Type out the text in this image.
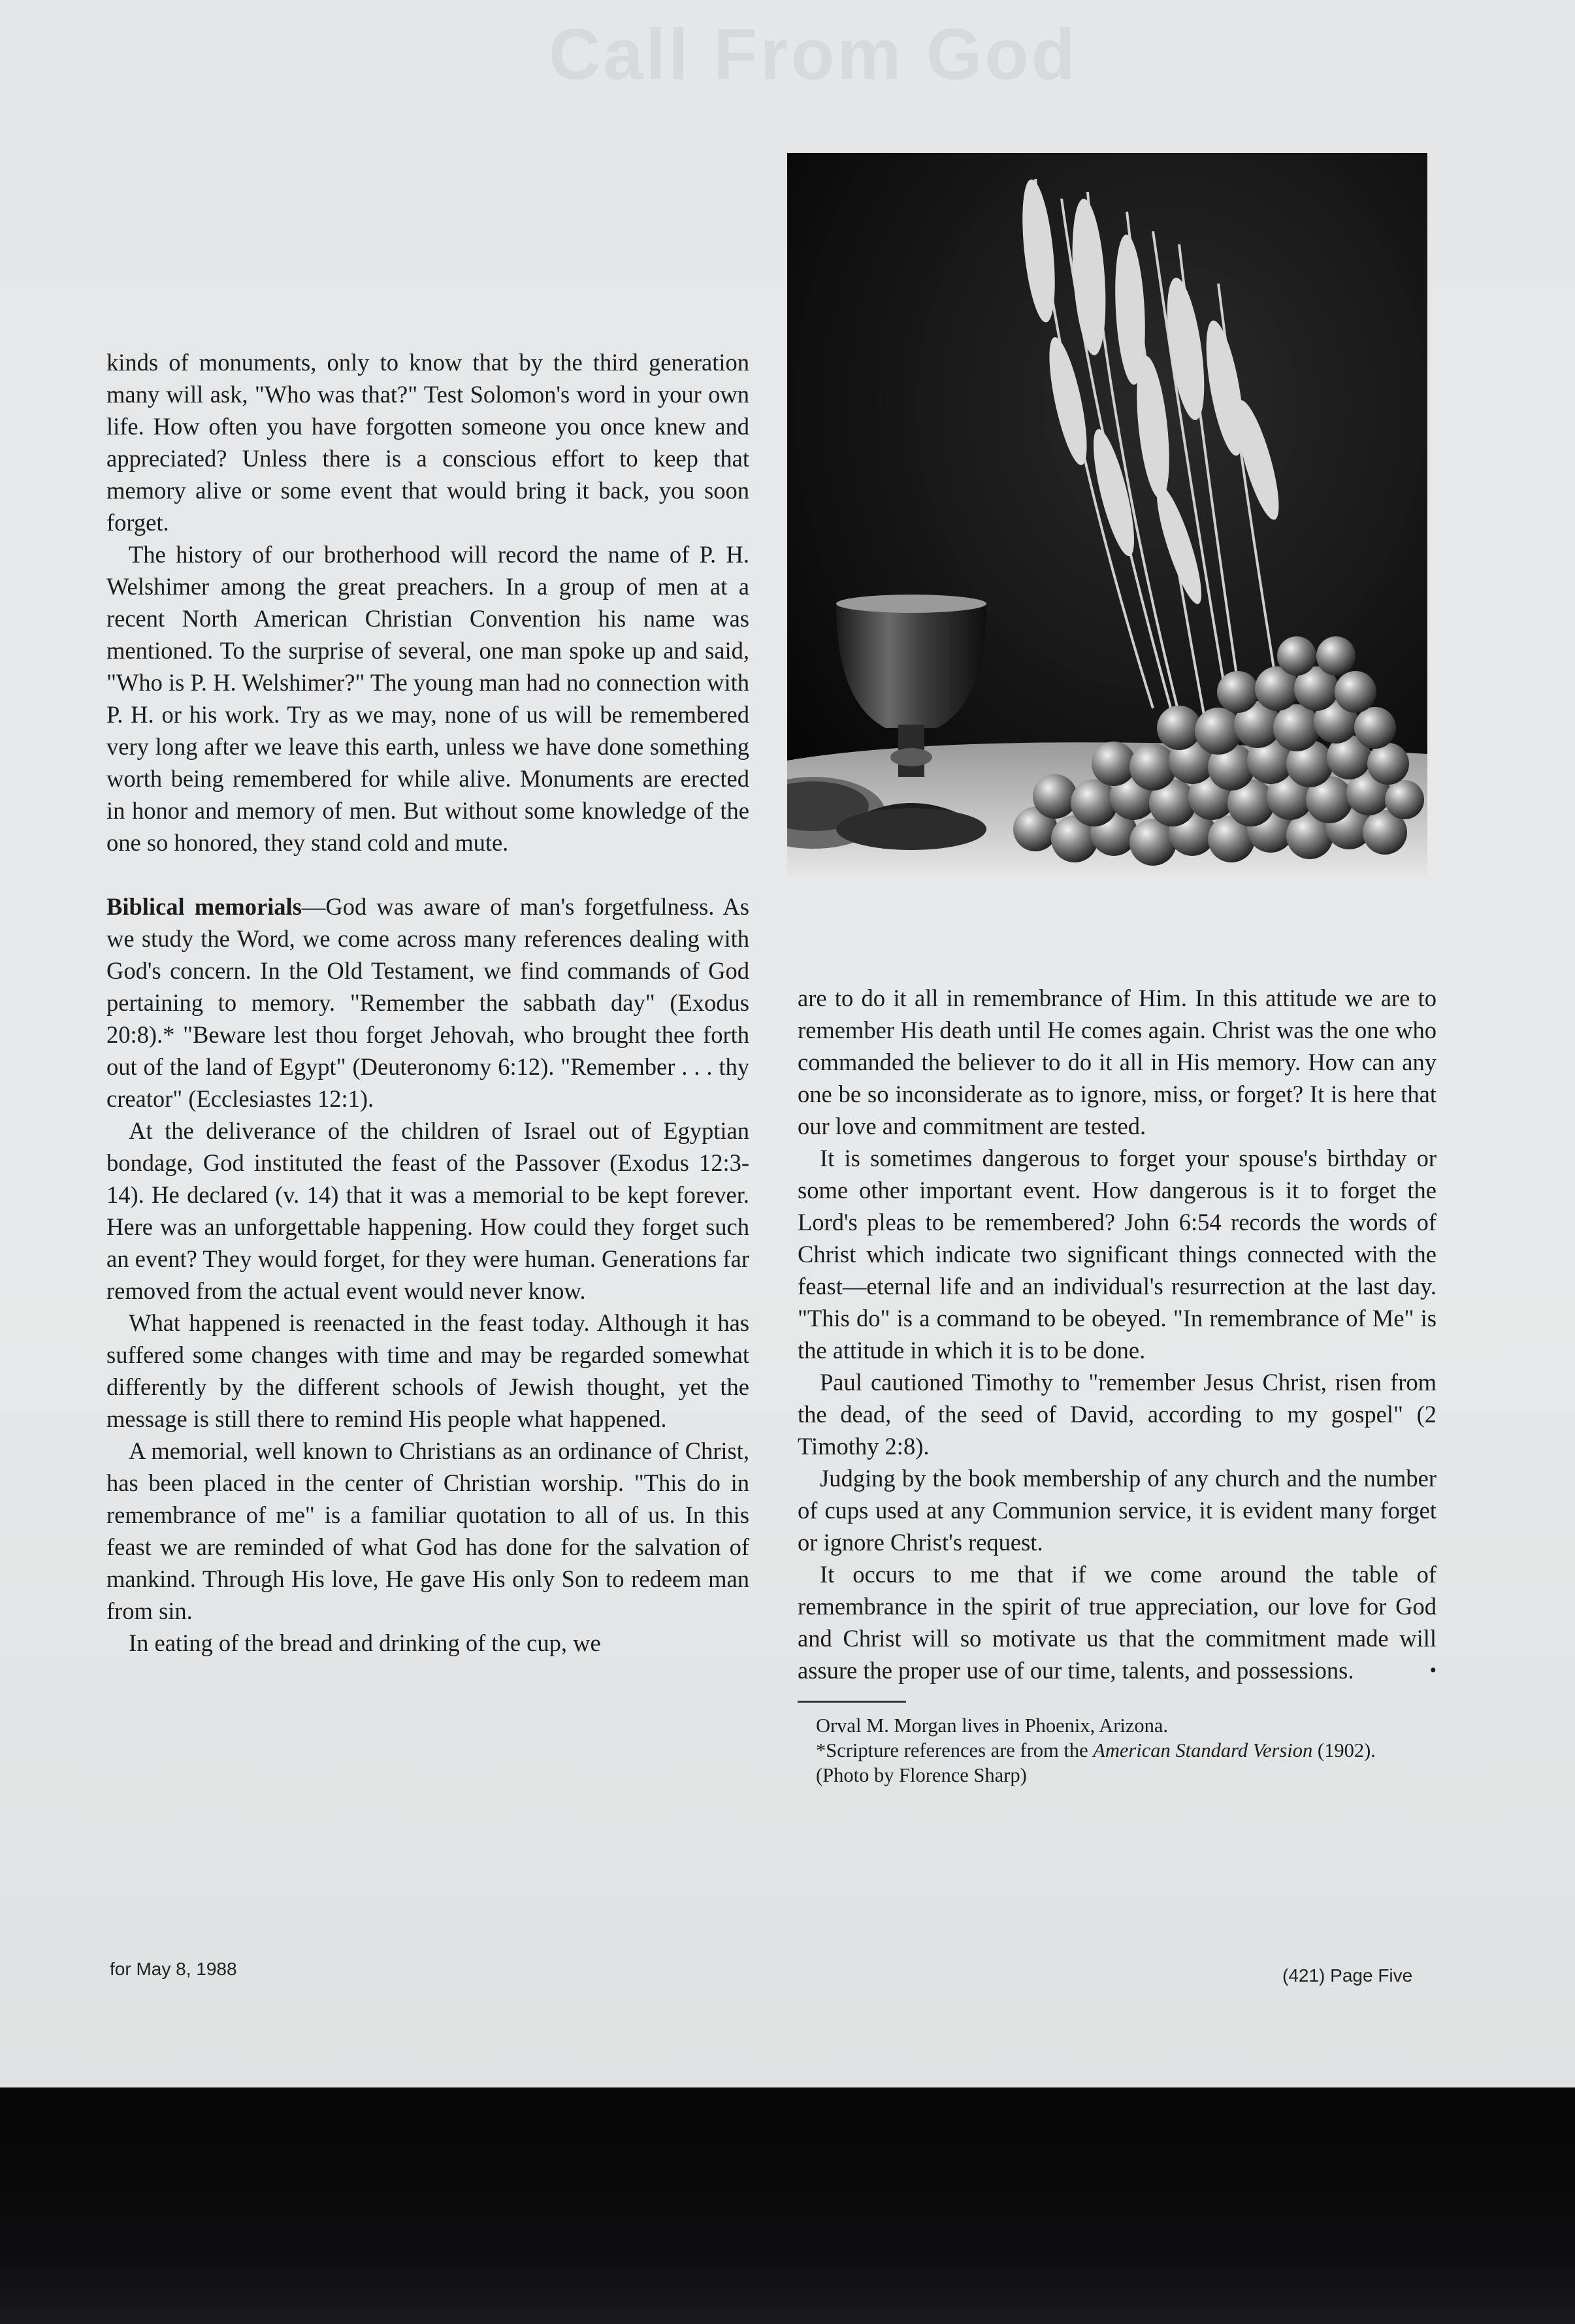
Call From God

kinds of monuments, only to know that by the third generation many will ask, "Who was that?" Test Solomon's word in your own life. How often you have forgotten someone you once knew and appreciated? Unless there is a conscious effort to keep that memory alive or some event that would bring it back, you soon forget.

The history of our brotherhood will record the name of P. H. Welshimer among the great preachers. In a group of men at a recent North American Christian Convention his name was mentioned. To the surprise of several, one man spoke up and said, "Who is P. H. Welshimer?" The young man had no connection with P. H. or his work. Try as we may, none of us will be remembered very long after we leave this earth, unless we have done something worth being remembered for while alive. Monuments are erected in honor and memory of men. But without some knowledge of the one so honored, they stand cold and mute.

Biblical memorials—God was aware of man's forgetfulness. As we study the Word, we come across many references dealing with God's concern. In the Old Testament, we find commands of God pertaining to memory. "Remember the sabbath day" (Exodus 20:8).* "Beware lest thou forget Jehovah, who brought thee forth out of the land of Egypt" (Deuteronomy 6:12). "Remember . . . thy creator" (Ecclesiastes 12:1).

At the deliverance of the children of Israel out of Egyptian bondage, God instituted the feast of the Passover (Exodus 12:3-14). He declared (v. 14) that it was a memorial to be kept forever. Here was an unforgettable happening. How could they forget such an event? They would forget, for they were human. Generations far removed from the actual event would never know.

What happened is reenacted in the feast today. Although it has suffered some changes with time and may be regarded somewhat differently by the different schools of Jewish thought, yet the message is still there to remind His people what happened.

A memorial, well known to Christians as an ordinance of Christ, has been placed in the center of Christian worship. "This do in remembrance of me" is a familiar quotation to all of us. In this feast we are reminded of what God has done for the salvation of mankind. Through His love, He gave His only Son to redeem man from sin.

In eating of the bread and drinking of the cup, we

are to do it all in remembrance of Him. In this attitude we are to remember His death until He comes again. Christ was the one who commanded the believer to do it all in His memory. How can any one be so inconsiderate as to ignore, miss, or forget? It is here that our love and commitment are tested.

It is sometimes dangerous to forget your spouse's birthday or some other important event. How dangerous is it to forget the Lord's pleas to be remembered? John 6:54 records the words of Christ which indicate two significant things connected with the feast—eternal life and an individual's resurrection at the last day. "This do" is a command to be obeyed. "In remembrance of Me" is the attitude in which it is to be done.

Paul cautioned Timothy to "remember Jesus Christ, risen from the dead, of the seed of David, according to my gospel" (2 Timothy 2:8).

Judging by the book membership of any church and the number of cups used at any Communion service, it is evident many forget or ignore Christ's request.

It occurs to me that if we come around the table of remembrance in the spirit of true appreciation, our love for God and Christ will so motivate us that the commitment made will assure the proper use of our time, talents, and possessions.	•

Orval M. Morgan lives in Phoenix, Arizona.

*Scripture references are from the American Standard Version (1902).

(Photo by Florence Sharp)

for May 8, 1988	(421) Page Five
